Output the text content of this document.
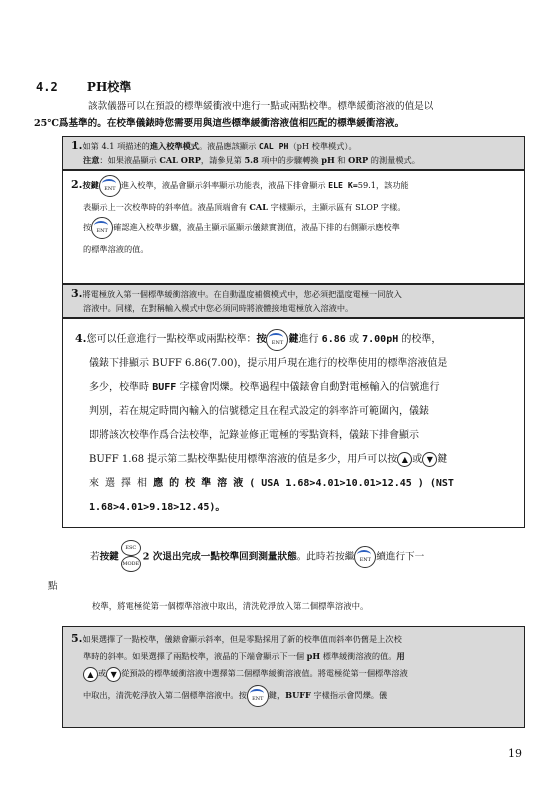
4.2 PH校準

該款儀器可以在預設的標準緩衝液中進行一點或兩點校準。標準緩衝溶液的值是以

25℃爲基準的。在校準儀錶時您需要用與這些標準緩衝溶液值相匹配的標準緩衝溶液。

1.如第 4.1 項描述的進入校準模式。液晶應該顯示 CAL PH（pH 校準模式）。
注意：如果液晶顯示 CAL ORP，請參見第 5.8 項中的步驟轉換 pH 和 ORP 的測量模式。
2.按鍵 ENT 進入校準，液晶會顯示斜率顯示功能表，液晶下排會顯示 ELE K=59.1，該功能
表顯示上一次校準時的斜率值。液晶頂端會有 CAL 字樣顯示，主顯示區有 SLOP 字樣。
按 ENT 確認進入校準步驟，液晶主顯示區顯示儀錶實測值，液晶下排的右側顯示應校準
的標準溶液的值。
3.將電極放入第一個標準緩衝溶液中。在自動溫度補償模式中，您必須把溫度電極一同放入
溶液中。同樣，在對稱輸入模式中您必須同時將液體接地電極放入溶液中。
4.您可以任意進行一點校準或兩點校準：按 ENT 鍵進行 6.86 或 7.00pH 的校準，
儀錶下排顯示 BUFF 6.86(7.00)，提示用戶現在進行的校準使用的標準溶液值是
多少，校準時 BUFF 字樣會閃爍。校準過程中儀錶會自動對電極輸入的信號進行
判別，若在規定時間內輸入的信號穩定且在程式設定的斜率許可範圍內，儀錶
即將該次校準作爲合法校準，記錄並修正電極的零點資料，儀錶下排會顯示
BUFF 1.68 提示第二點校準點使用標準溶液的值是多少，用戶可以按 ▲ 或 ▼ 鍵
來 選 擇 相 應 的 校 準 溶 液 ( USA 1.68>4.01>10.01>12.45 ) (NST
1.68>4.01>9.18>12.45)。
若按鍵
ESC
MODE
2 次退出完成一點校準回到測量狀態。此時若按繼 ENT 續進行下一
點
校準，將電極從第一個標準溶液中取出，清洗乾淨放入第二個標準溶液中。
5.如果選擇了一點校準，儀錶會顯示斜率，但是零點採用了新的校準值而斜率仍舊是上次校
準時的斜率。如果選擇了兩點校準，液晶的下端會顯示下一個 pH 標準緩衝溶液的值。用
▲ 或 ▼ 從預設的標準緩衝溶液中選擇第二個標準緩衝溶液值。將電極從第一個標準溶液
中取出，清洗乾淨放入第二個標準溶液中。按 ENT 鍵，BUFF 字樣指示會閃爍。儀
19
